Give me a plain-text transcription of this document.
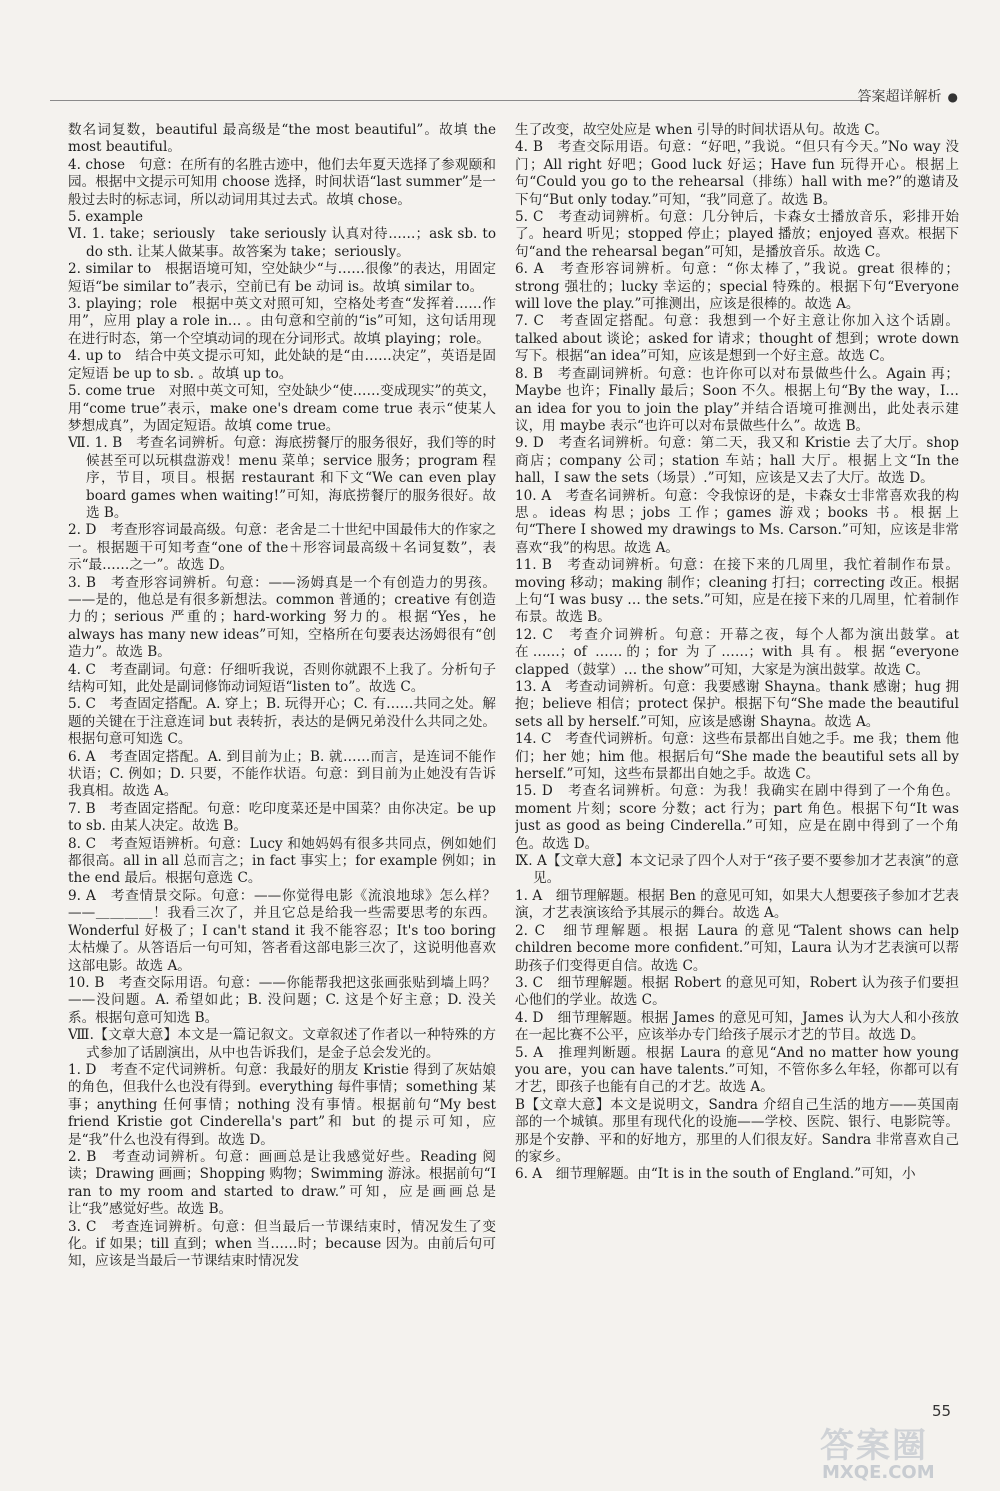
答案超详解析 ●

数名词复数，beautiful 最高级是“the most beautiful”。故填 the most beautiful。

4. chose　句意：在所有的名胜古迹中，他们去年夏天选择了参观颐和园。根据中文提示可知用 choose 选择，时间状语“last summer”是一般过去时的标志词，所以动词用其过去式。故填 chose。

5. example

Ⅵ. 1. take；seriously　take seriously 认真对待……；ask sb. to do sth. 让某人做某事。故答案为 take；seriously。

2. similar to　根据语境可知，空处缺少“与……很像”的表达，用固定短语“be similar to”表示，空前已有 be 动词 is。故填 similar to。

3. playing；role　根据中英文对照可知，空格处考查“发挥着……作用”，应用 play a role in… 。由句意和空前的“is”可知，这句话用现在进行时态，第一个空填动词的现在分词形式。故填 playing；role。

4. up to　结合中英文提示可知，此处缺的是“由……决定”，英语是固定短语 be up to sb. 。故填 up to。

5. come true　对照中英文可知，空处缺少“使……变成现实”的英文，用“come true”表示，make one's dream come true 表示“使某人梦想成真”，为固定短语。故填 come true。

Ⅶ. 1. B　考查名词辨析。句意：海底捞餐厅的服务很好，我们等的时候甚至可以玩棋盘游戏！menu 菜单；service 服务；program 程序，节目，项目。根据 restaurant 和下文“We can even play board games when waiting!”可知，海底捞餐厅的服务很好。故选 B。

2. D　考查形容词最高级。句意：老舍是二十世纪中国最伟大的作家之一。根据题干可知考查“one of the＋形容词最高级＋名词复数”，表示“最……之一”。故选 D。

3. B　考查形容词辨析。句意：——汤姆真是一个有创造力的男孩。——是的，他总是有很多新想法。common 普通的；creative 有创造力的；serious 严重的；hard-working 努力的。根据“Yes，he always has many new ideas”可知，空格所在句要表达汤姆很有“创造力”。故选 B。

4. C　考查副词。句意：仔细听我说，否则你就跟不上我了。分析句子结构可知，此处是副词修饰动词短语“listen to”。故选 C。

5. C　考查固定搭配。A. 穿上；B. 玩得开心；C. 有……共同之处。解题的关键在于注意连词 but 表转折，表达的是俩兄弟没什么共同之处。根据句意可知选 C。

6. A　考查固定搭配。A. 到目前为止；B. 就……而言，是连词不能作状语；C. 例如；D. 只要，不能作状语。句意：到目前为止她没有告诉我真相。故选 A。

7. B　考查固定搭配。句意：吃印度菜还是中国菜？由你决定。be up to sb. 由某人决定。故选 B。

8. C　考查短语辨析。句意：Lucy 和她妈妈有很多共同点，例如她们都很高。all in all 总而言之；in fact 事实上；for example 例如；in the end 最后。根据句意选 C。

9. A　考查情景交际。句意：——你觉得电影《流浪地球》怎么样？——＿＿＿＿！我看三次了，并且它总是给我一些需要思考的东西。Wonderful 好极了；I can't stand it 我不能容忍；It's too boring 太枯燥了。从答语后一句可知，答者看这部电影三次了，这说明他喜欢这部电影。故选 A。

10. B　考查交际用语。句意：——你能帮我把这张画张贴到墙上吗？——没问题。A. 希望如此；B. 没问题；C. 这是个好主意；D. 没关系。根据句意可知选 B。

Ⅷ.【文章大意】本文是一篇记叙文。文章叙述了作者以一种特殊的方式参加了话剧演出，从中也告诉我们，是金子总会发光的。

1. D　考查不定代词辨析。句意：我最好的朋友 Kristie 得到了灰姑娘的角色，但我什么也没有得到。everything 每件事情；something 某事；anything 任何事情；nothing 没有事情。根据前句“My best friend Kristie got Cinderella's part”和 but 的提示可知，应是“我”什么也没有得到。故选 D。

2. B　考查动词辨析。句意：画画总是让我感觉好些。Reading 阅读；Drawing 画画；Shopping 购物；Swimming 游泳。根据前句“I ran to my room and started to draw.”可知，应是画画总是让“我”感觉好些。故选 B。

3. C　考查连词辨析。句意：但当最后一节课结束时，情况发生了变化。if 如果；till 直到；when 当……时；because 因为。由前后句可知，应该是当最后一节课结束时情况发

生了改变，故空处应是 when 引导的时间状语从句。故选 C。

4. B　考查交际用语。句意：“好吧，”我说。“但只有今天。”No way 没门；All right 好吧；Good luck 好运；Have fun 玩得开心。根据上句“Could you go to the rehearsal（排练）hall with me?”的邀请及下句“But only today.”可知，“我”同意了。故选 B。

5. C　考查动词辨析。句意：几分钟后，卡森女士播放音乐，彩排开始了。heard 听见；stopped 停止；played 播放；enjoyed 喜欢。根据下句“and the rehearsal began”可知，是播放音乐。故选 C。

6. A　考查形容词辨析。句意：“你太棒了，”我说。great 很棒的；strong 强壮的；lucky 幸运的；special 特殊的。根据下句“Everyone will love the play.”可推测出，应该是很棒的。故选 A。

7. C　考查固定搭配。句意：我想到一个好主意让你加入这个话剧。talked about 谈论；asked for 请求；thought of 想到；wrote down 写下。根据“an idea”可知，应该是想到一个好主意。故选 C。

8. B　考查副词辨析。句意：也许你可以对布景做些什么。Again 再；Maybe 也许；Finally 最后；Soon 不久。根据上句“By the way，I… an idea for you to join the play”并结合语境可推测出，此处表示建议，用 maybe 表示“也许可以对布景做些什么”。故选 B。

9. D　考查名词辨析。句意：第二天，我又和 Kristie 去了大厅。shop 商店；company 公司；station 车站；hall 大厅。根据上文“In the hall，I saw the sets（场景）.”可知，应该是又去了大厅。故选 D。

10. A　考查名词辨析。句意：令我惊讶的是，卡森女士非常喜欢我的构思。ideas 构思；jobs 工作；games 游戏；books 书。根据上句“There I showed my drawings to Ms. Carson.”可知，应该是非常喜欢“我”的构思。故选 A。

11. B　考查动词辨析。句意：在接下来的几周里，我忙着制作布景。moving 移动；making 制作；cleaning 打扫；correcting 改正。根据上句“I was busy … the sets.”可知，应是在接下来的几周里，忙着制作布景。故选 B。

12. C　考查介词辨析。句意：开幕之夜，每个人都为演出鼓掌。at 在……；of ……的；for 为了……；with 具有。根据“everyone clapped（鼓掌）… the show”可知，大家是为演出鼓掌。故选 C。

13. A　考查动词辨析。句意：我要感谢 Shayna。thank 感谢；hug 拥抱；believe 相信；protect 保护。根据下句“She made the beautiful sets all by herself.”可知，应该是感谢 Shayna。故选 A。

14. C　考查代词辨析。句意：这些布景都出自她之手。me 我；them 他们；her 她；him 他。根据后句“She made the beautiful sets all by herself.”可知，这些布景都出自她之手。故选 C。

15. D　考查名词辨析。句意：为我！我确实在剧中得到了一个角色。moment 片刻；score 分数；act 行为；part 角色。根据下句“It was just as good as being Cinderella.”可知，应是在剧中得到了一个角色。故选 D。

Ⅸ. A【文章大意】本文记录了四个人对于“孩子要不要参加才艺表演”的意见。

1. A　细节理解题。根据 Ben 的意见可知，如果大人想要孩子参加才艺表演，才艺表演该给予其展示的舞台。故选 A。

2. C　细节理解题。根据 Laura 的意见“Talent shows can help children become more confident.”可知，Laura 认为才艺表演可以帮助孩子们变得更自信。故选 C。

3. C　细节理解题。根据 Robert 的意见可知，Robert 认为孩子们要担心他们的学业。故选 C。

4. D　细节理解题。根据 James 的意见可知，James 认为大人和小孩放在一起比赛不公平，应该举办专门给孩子展示才艺的节目。故选 D。

5. A　推理判断题。根据 Laura 的意见“And no matter how young you are，you can have talents.”可知，不管你多么年轻，你都可以有才艺，即孩子也能有自己的才艺。故选 A。

B【文章大意】本文是说明文，Sandra 介绍自己生活的地方——英国南部的一个城镇。那里有现代化的设施——学校、医院、银行、电影院等。那是个安静、平和的好地方，那里的人们很友好。Sandra 非常喜欢自己的家乡。

6. A　细节理解题。由“It is in the south of England.”可知，小

55
答案圈
MXQE.COM
